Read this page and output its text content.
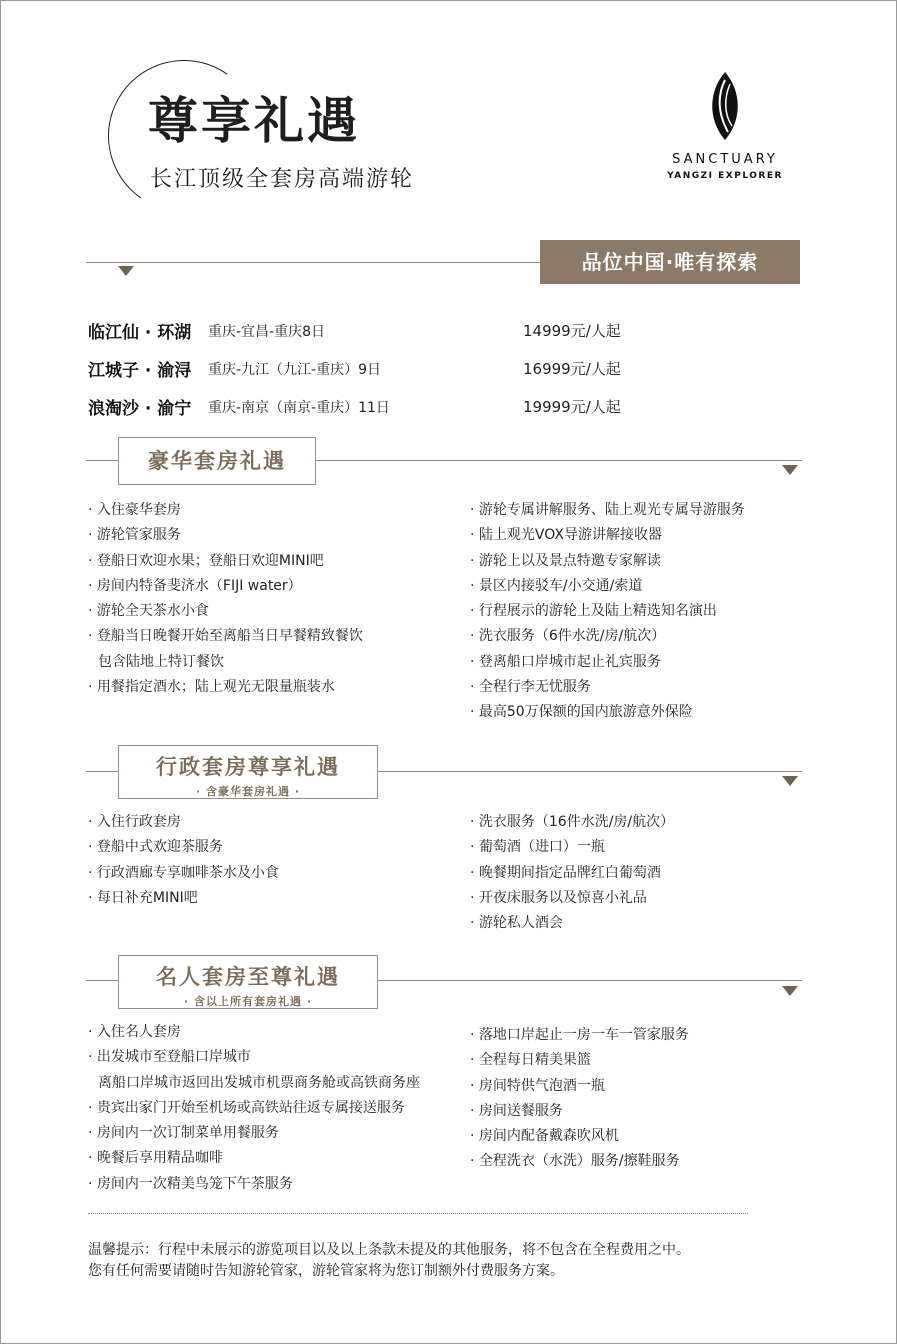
尊享礼遇
长江顶级全套房高端游轮
SANCTUARY
YANGZI EXPLORER
品位中国·唯有探索
临江仙 · 环湖 重庆-宜昌-重庆8日	14999元/人起
江城子 · 渝浔 重庆-九江（九江-重庆）9日	16999元/人起
浪淘沙 · 渝宁 重庆-南京（南京-重庆）11日	19999元/人起
豪华套房礼遇
· 入住豪华套房
· 游轮管家服务
· 登船日欢迎水果；登船日欢迎MINI吧
· 房间内特备斐济水（FIJI water）
· 游轮全天茶水小食
· 登船当日晚餐开始至离船当日早餐精致餐饮
包含陆地上特订餐饮
· 用餐指定酒水；陆上观光无限量瓶装水
· 游轮专属讲解服务、陆上观光专属导游服务
· 陆上观光VOX导游讲解接收器
· 游轮上以及景点特邀专家解读
· 景区内接驳车/小交通/索道
· 行程展示的游轮上及陆上精选知名演出
· 洗衣服务（6件水洗/房/航次）
· 登离船口岸城市起止礼宾服务
· 全程行李无忧服务
· 最高50万保额的国内旅游意外保险
行政套房尊享礼遇
· 含豪华套房礼遇 ·
· 入住行政套房
· 登船中式欢迎茶服务
· 行政酒廊专享咖啡茶水及小食
· 每日补充MINI吧
· 洗衣服务（16件水洗/房/航次）
· 葡萄酒（进口）一瓶
· 晚餐期间指定品牌红白葡萄酒
· 开夜床服务以及惊喜小礼品
· 游轮私人酒会
名人套房至尊礼遇
· 含以上所有套房礼遇 ·
· 入住名人套房
· 出发城市至登船口岸城市
离船口岸城市返回出发城市机票商务舱或高铁商务座
· 贵宾出家门开始至机场或高铁站往返专属接送服务
· 房间内一次订制菜单用餐服务
· 晚餐后享用精品咖啡
· 房间内一次精美鸟笼下午茶服务
· 落地口岸起止一房一车一管家服务
· 全程每日精美果篮
· 房间特供气泡酒一瓶
· 房间送餐服务
· 房间内配备戴森吹风机
· 全程洗衣（水洗）服务/擦鞋服务
温馨提示：行程中未展示的游览项目以及以上条款未提及的其他服务，将不包含在全程费用之中。
您有任何需要请随时告知游轮管家，游轮管家将为您订制额外付费服务方案。
